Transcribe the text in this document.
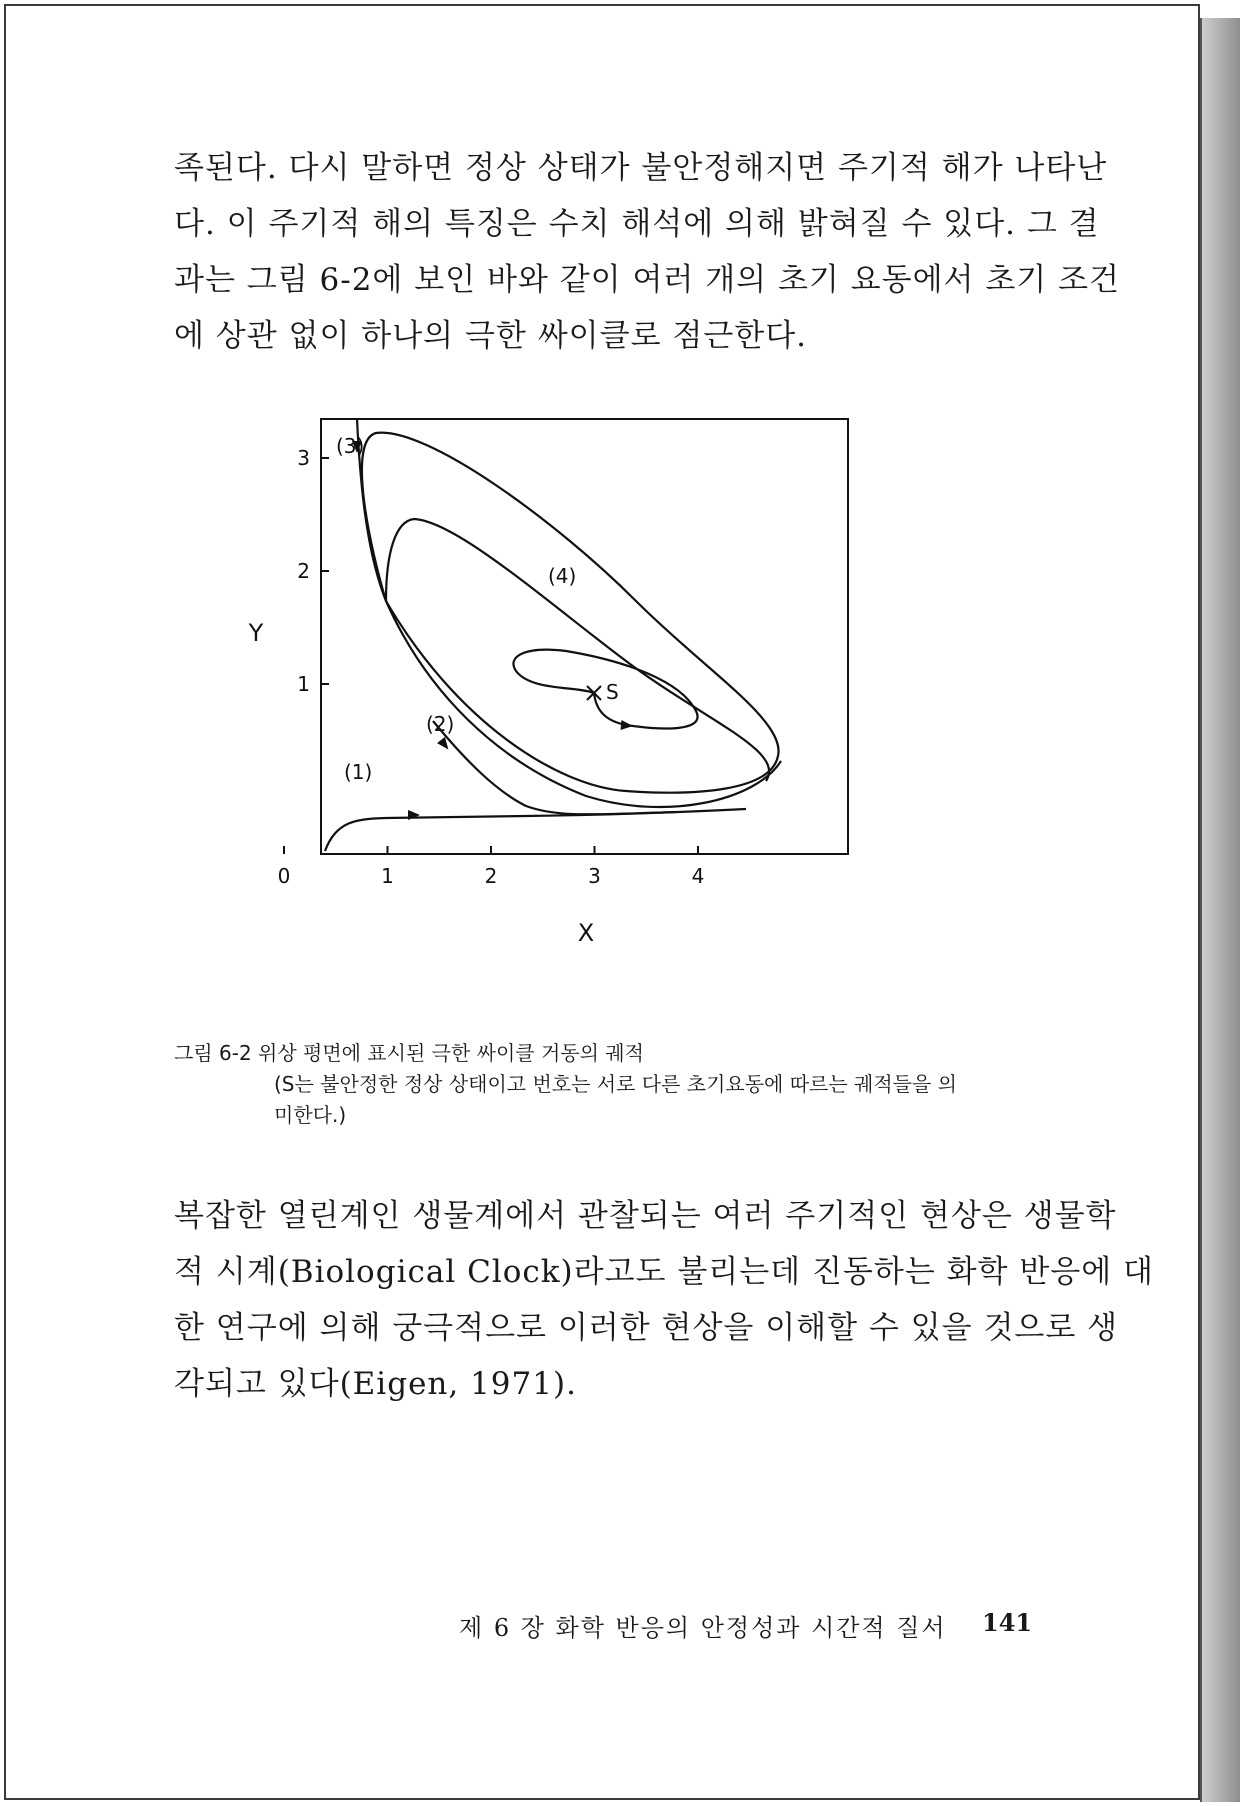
족된다. 다시 말하면 정상 상태가 불안정해지면 주기적 해가 나타난
다. 이 주기적 해의 특징은 수치 해석에 의해 밝혀질 수 있다. 그 결
과는 그림 6-2에 보인 바와 같이 여러 개의 초기 요동에서 초기 조건
에 상관 없이 하나의 극한 싸이클로 점근한다.
0	1	2	3	4
1
2
3
X
Y
(1)
(2)
(3)
(4)
S
그림 6-2 위상 평면에 표시된 극한 싸이클 거동의 궤적
(S는 불안정한 정상 상태이고 번호는 서로 다른 초기요동에 따르는 궤적들을 의
미한다.)
복잡한 열린계인 생물계에서 관찰되는 여러 주기적인 현상은 생물학
적 시계(Biological Clock)라고도 불리는데 진동하는 화학 반응에 대
한 연구에 의해 궁극적으로 이러한 현상을 이해할 수 있을 것으로 생
각되고 있다(Eigen, 1971).
제 6 장 화학 반응의 안정성과 시간적 질서 141
